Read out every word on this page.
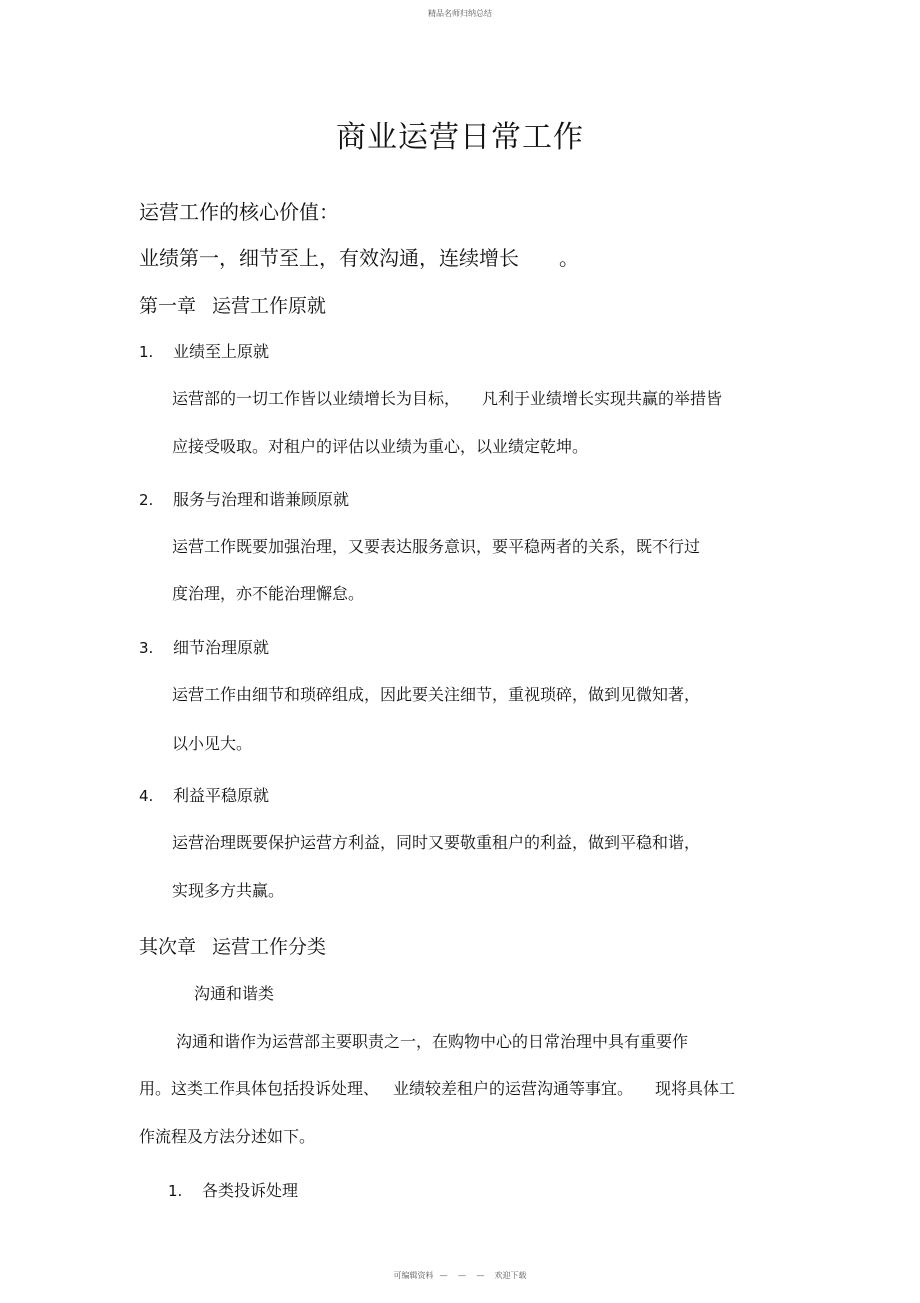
精品名师归纳总结
商业运营日常工作
运营工作的核心价值：
业绩第一，细节至上，有效沟通，连续增长 。
第一章 运营工作原就
1. 业绩至上原就
运营部的一切工作皆以业绩增长为目标， 凡利于业绩增长实现共赢的举措皆
应接受吸取。对租户的评估以业绩为重心，以业绩定乾坤。
2. 服务与治理和谐兼顾原就
运营工作既要加强治理，又要表达服务意识，要平稳两者的关系，既不行过
度治理，亦不能治理懈怠。
3. 细节治理原就
运营工作由细节和琐碎组成，因此要关注细节，重视琐碎，做到见微知著，
以小见大。
4. 利益平稳原就
运营治理既要保护运营方利益，同时又要敬重租户的利益，做到平稳和谐，
实现多方共赢。
其次章 运营工作分类
沟通和谐类
沟通和谐作为运营部主要职责之一，在购物中心的日常治理中具有重要作
用。这类工作具体包括投诉处理、 业绩较差租户的运营沟通等事宜。 现将具体工
作流程及方法分述如下。
1. 各类投诉处理
可编辑资料 — — — 欢迎下载
